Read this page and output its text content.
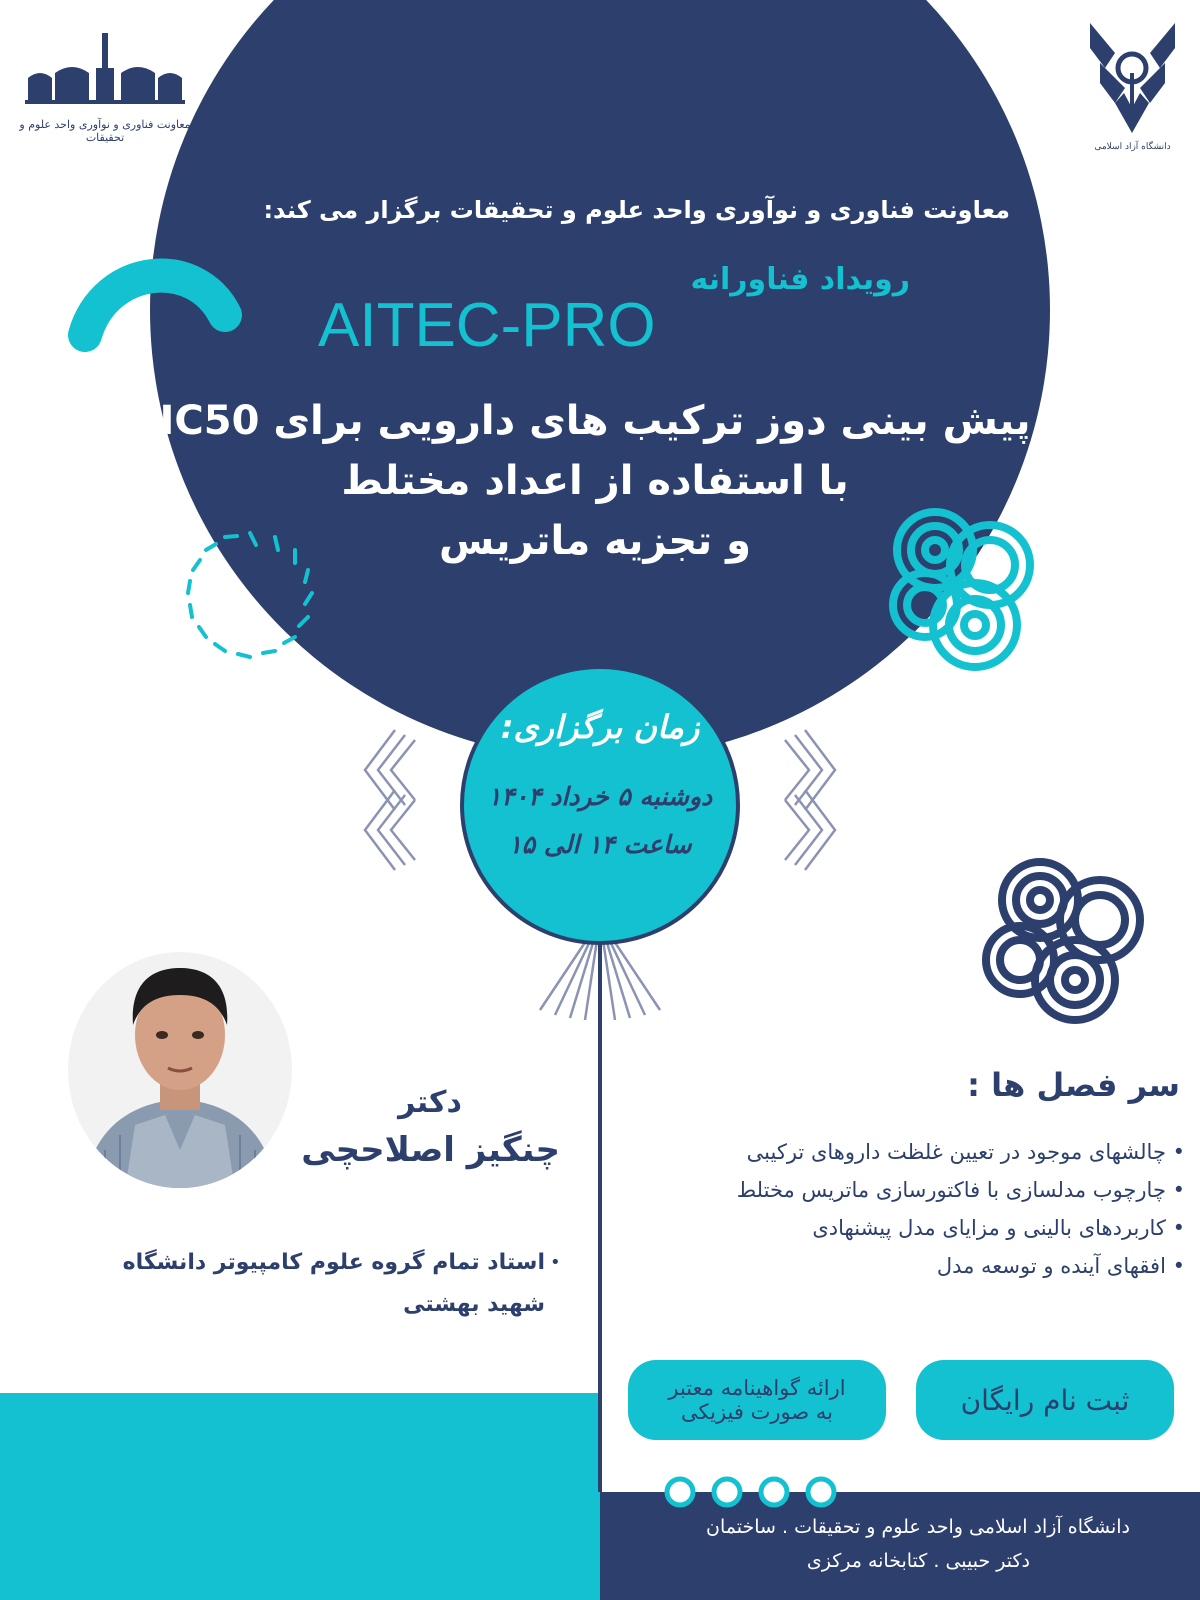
معاونت فناوری و نوآوری واحد علوم و تحقیقات
دانشگاه آزاد اسلامی
معاونت فناوری و نوآوری واحد علوم و تحقیقات برگزار می کند:
رویداد فناورانه
AITEC-PRO
پیش بینی دوز ترکیب های دارویی برای IC50
با استفاده از اعداد مختلط
و تجزیه ماتریس
زمان برگزاری:
دوشنبه ۵ خرداد ۱۴۰۴
ساعت ۱۴ الی ۱۵
دکتر
چنگیز اصلاحچی
•
استاد تمام گروه علوم کامپیوتر دانشگاه
شهید بهشتی
سر فصل ها :
• چالشهای موجود در تعیین غلظت داروهای ترکیبی
• چارچوب مدلسازی با فاکتورسازی ماتریس مختلط
• کاربردهای بالینی و مزایای مدل پیشنهادی
• افقهای آینده و توسعه مدل
ثبت نام رایگان
ارائه گواهینامه معتبر
به صورت فیزیکی
دانشگاه آزاد اسلامی واحد علوم و تحقیقات . ساختمان
دکتر حبیبی . کتابخانه مرکزی
